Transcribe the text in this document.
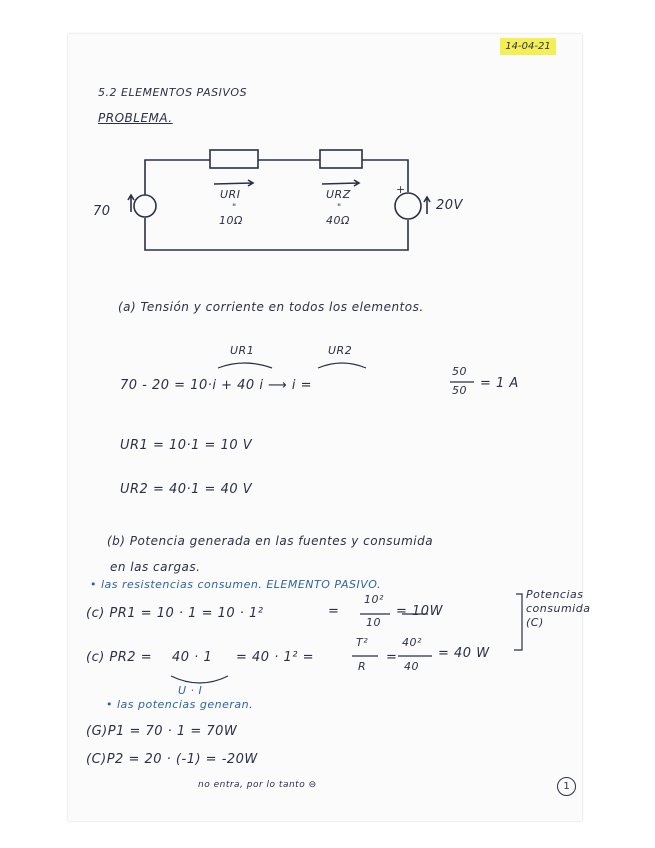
14-04-21
5.2 ELEMENTOS PASIVOS
PROBLEMA.
70	20V
+
URI
"
10Ω
URZ
"
40Ω
(a) Tensión y corriente en todos los elementos.
UR1	UR2
70 - 20 = 10·i + 40 i ⟶ i =
50
50 = 1 A
UR1 = 10·1 = 10 V
UR2 = 40·1 = 40 V
(b) Potencia generada en las fuentes y consumida
en las cargas.
• las resistencias consumen. ELEMENTO PASIVO.
(c) PR1 = 10 · 1 = 10 · 1²	=
10²
10
= 10W
(c) PR2 = 40 · 1
U · I
= 40 · 1² =
T²
R
=
40²
40
= 40 W
Potencias consumida (C)
• las potencias generan.
(G)P1 = 70 · 1 = 70W
(C)P2 = 20 · (-1) = -20W
no entra, por lo tanto ⊖	1
